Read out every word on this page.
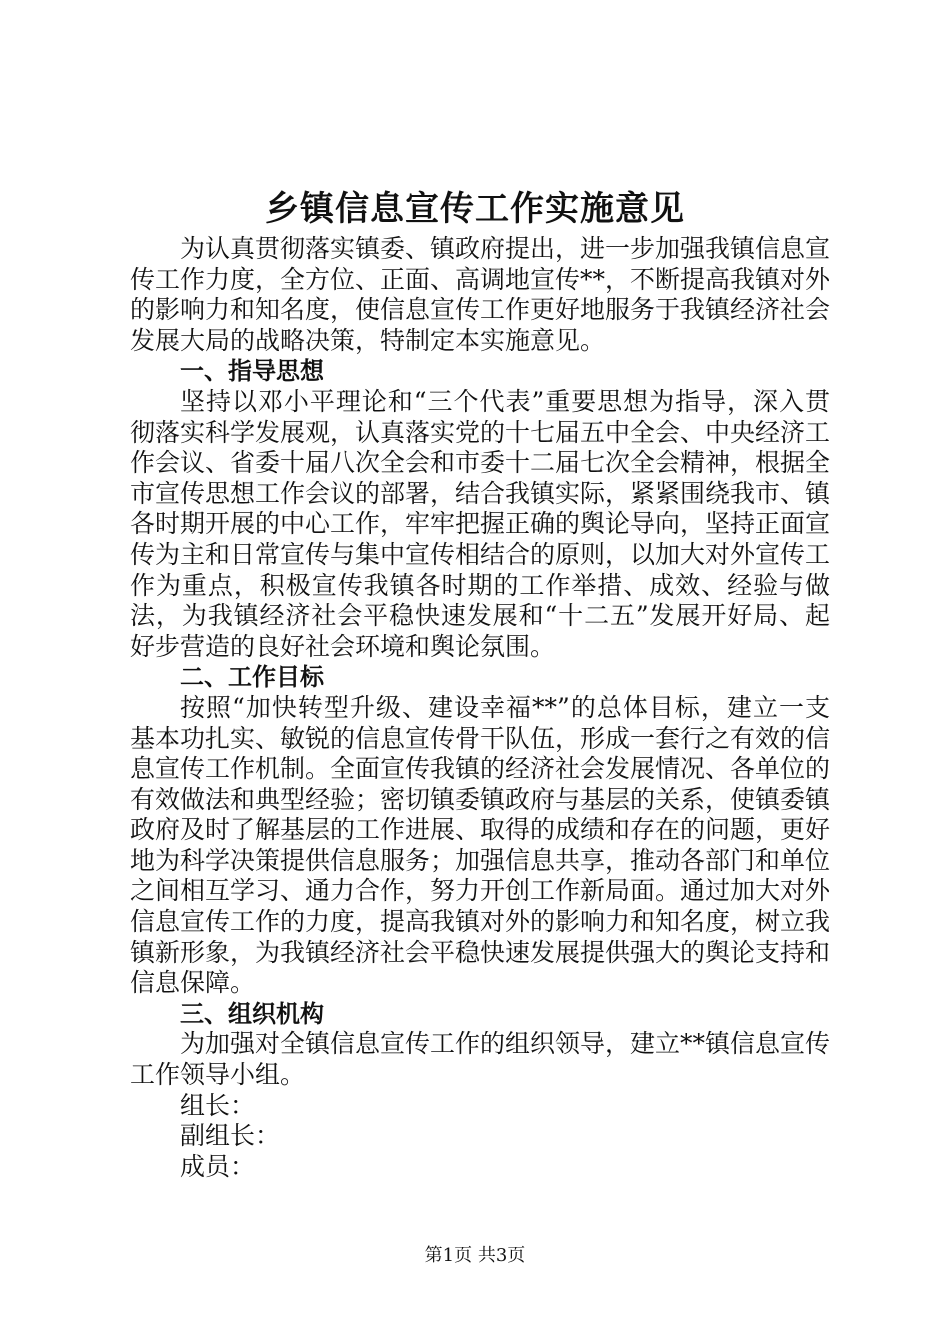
乡镇信息宣传工作实施意见

为认真贯彻落实镇委、镇政府提出，进一步加强我镇信息宣传工作力度，全方位、正面、高调地宣传**，不断提高我镇对外的影响力和知名度，使信息宣传工作更好地服务于我镇经济社会发展大局的战略决策，特制定本实施意见。

一、指导思想

坚持以邓小平理论和“三个代表”重要思想为指导，深入贯彻落实科学发展观，认真落实党的十七届五中全会、中央经济工作会议、省委十届八次全会和市委十二届七次全会精神，根据全市宣传思想工作会议的部署，结合我镇实际，紧紧围绕我市、镇各时期开展的中心工作，牢牢把握正确的舆论导向，坚持正面宣传为主和日常宣传与集中宣传相结合的原则，以加大对外宣传工作为重点，积极宣传我镇各时期的工作举措、成效、经验与做法，为我镇经济社会平稳快速发展和“十二五”发展开好局、起好步营造的良好社会环境和舆论氛围。

二、工作目标

按照“加快转型升级、建设幸福**”的总体目标，建立一支基本功扎实、敏锐的信息宣传骨干队伍，形成一套行之有效的信息宣传工作机制。全面宣传我镇的经济社会发展情况、各单位的有效做法和典型经验；密切镇委镇政府与基层的关系，使镇委镇政府及时了解基层的工作进展、取得的成绩和存在的问题，更好地为科学决策提供信息服务；加强信息共享，推动各部门和单位之间相互学习、通力合作，努力开创工作新局面。通过加大对外信息宣传工作的力度，提高我镇对外的影响力和知名度，树立我镇新形象，为我镇经济社会平稳快速发展提供强大的舆论支持和信息保障。

三、组织机构

为加强对全镇信息宣传工作的组织领导，建立**镇信息宣传工作领导小组。

组长：

副组长：

成员：

第1页 共3页
